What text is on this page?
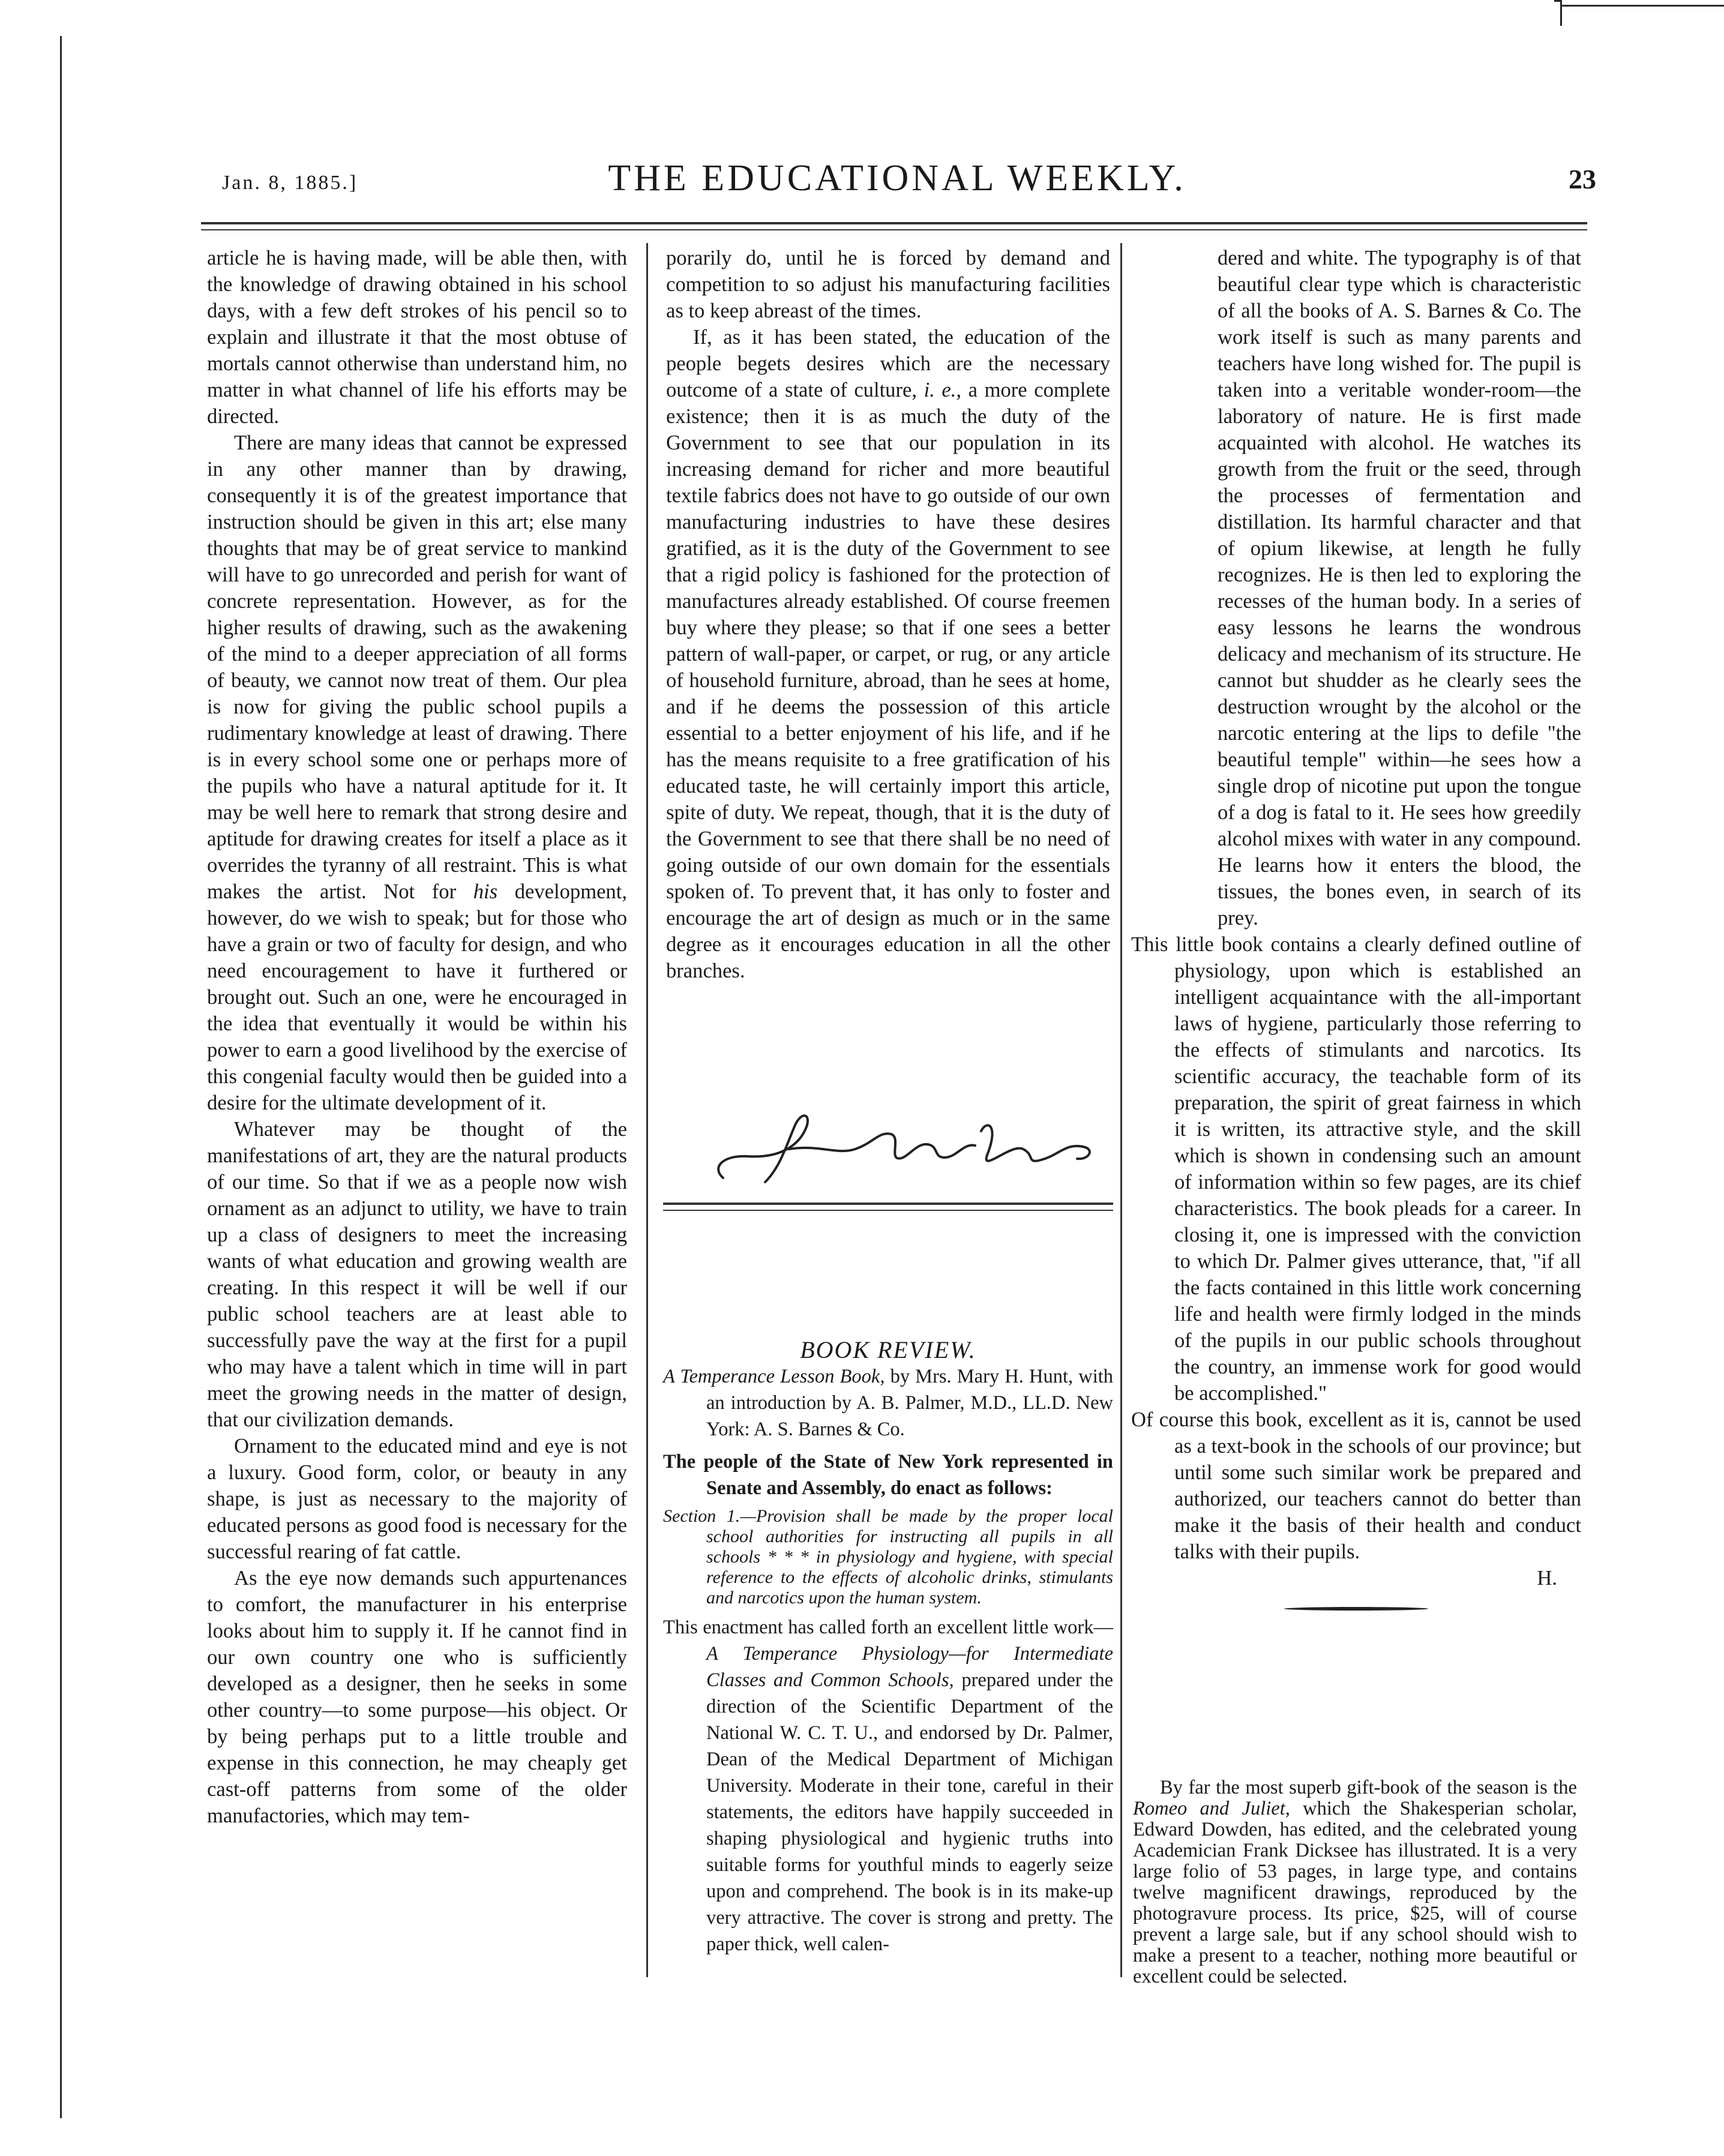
Jan. 8, 1885.]	THE EDUCATIONAL WEEKLY.	23

article he is having made, will be able then, with the knowledge of drawing obtained in his school days, with a few deft strokes of his pencil so to explain and illustrate it that the most obtuse of mortals cannot otherwise than understand him, no matter in what channel of life his efforts may be directed.

There are many ideas that cannot be expressed in any other manner than by drawing, consequently it is of the greatest importance that instruction should be given in this art; else many thoughts that may be of great service to mankind will have to go unrecorded and perish for want of concrete representation. However, as for the higher results of drawing, such as the awakening of the mind to a deeper appreciation of all forms of beauty, we cannot now treat of them. Our plea is now for giving the public school pupils a rudimentary knowledge at least of drawing. There is in every school some one or perhaps more of the pupils who have a natural aptitude for it. It may be well here to remark that strong desire and aptitude for drawing creates for itself a place as it overrides the tyranny of all restraint. This is what makes the artist. Not for his development, however, do we wish to speak; but for those who have a grain or two of faculty for design, and who need encouragement to have it furthered or brought out. Such an one, were he encouraged in the idea that eventually it would be within his power to earn a good livelihood by the exercise of this congenial faculty would then be guided into a desire for the ultimate development of it.

Whatever may be thought of the manifestations of art, they are the natural products of our time. So that if we as a people now wish ornament as an adjunct to utility, we have to train up a class of designers to meet the increasing wants of what education and growing wealth are creating. In this respect it will be well if our public school teachers are at least able to successfully pave the way at the first for a pupil who may have a talent which in time will in part meet the growing needs in the matter of design, that our civilization demands.

Ornament to the educated mind and eye is not a luxury. Good form, color, or beauty in any shape, is just as necessary to the majority of educated persons as good food is necessary for the successful rearing of fat cattle.

As the eye now demands such appurtenances to comfort, the manufacturer in his enterprise looks about him to supply it. If he cannot find in our own country one who is sufficiently developed as a designer, then he seeks in some other country—to some purpose—his object. Or by being perhaps put to a little trouble and expense in this connection, he may cheaply get cast-off patterns from some of the older manufactories, which may tem-

porarily do, until he is forced by demand and competition to so adjust his manufacturing facilities as to keep abreast of the times.

If, as it has been stated, the education of the people begets desires which are the necessary outcome of a state of culture, i. e., a more complete existence; then it is as much the duty of the Government to see that our population in its increasing demand for richer and more beautiful textile fabrics does not have to go outside of our own manufacturing industries to have these desires gratified, as it is the duty of the Government to see that a rigid policy is fashioned for the protection of manufactures already established. Of course freemen buy where they please; so that if one sees a better pattern of wall-paper, or carpet, or rug, or any article of household furniture, abroad, than he sees at home, and if he deems the possession of this article essential to a better enjoyment of his life, and if he has the means requisite to a free gratification of his educated taste, he will certainly import this article, spite of duty. We repeat, though, that it is the duty of the Government to see that there shall be no need of going outside of our own domain for the essentials spoken of. To prevent that, it has only to foster and encourage the art of design as much or in the same degree as it encourages education in all the other branches.

BOOK REVIEW.

A Temperance Lesson Book, by Mrs. Mary H. Hunt, with an introduction by A. B. Palmer, M.D., LL.D. New York: A. S. Barnes & Co.

The people of the State of New York represented in Senate and Assembly, do enact as follows:

Section 1.—Provision shall be made by the proper local school authorities for instructing all pupils in all schools * * * in physiology and hygiene, with special reference to the effects of alcoholic drinks, stimulants and narcotics upon the human system.

This enactment has called forth an excellent little work—A Temperance Physiology—for Intermediate Classes and Common Schools, prepared under the direction of the Scientific Department of the National W. C. T. U., and endorsed by Dr. Palmer, Dean of the Medical Department of Michigan University. Moderate in their tone, careful in their statements, the editors have happily succeeded in shaping physiological and hygienic truths into suitable forms for youthful minds to eagerly seize upon and comprehend. The book is in its make-up very attractive. The cover is strong and pretty. The paper thick, well calen-

dered and white. The typography is of that beautiful clear type which is characteristic of all the books of A. S. Barnes & Co. The work itself is such as many parents and teachers have long wished for. The pupil is taken into a veritable wonder-room—the laboratory of nature. He is first made acquainted with alcohol. He watches its growth from the fruit or the seed, through the processes of fermentation and distillation. Its harmful character and that of opium likewise, at length he fully recognizes. He is then led to exploring the recesses of the human body. In a series of easy lessons he learns the wondrous delicacy and mechanism of its structure. He cannot but shudder as he clearly sees the destruction wrought by the alcohol or the narcotic entering at the lips to defile "the beautiful temple" within—he sees how a single drop of nicotine put upon the tongue of a dog is fatal to it. He sees how greedily alcohol mixes with water in any compound. He learns how it enters the blood, the tissues, the bones even, in search of its prey.

This little book contains a clearly defined outline of physiology, upon which is established an intelligent acquaintance with the all-important laws of hygiene, particularly those referring to the effects of stimulants and narcotics. Its scientific accuracy, the teachable form of its preparation, the spirit of great fairness in which it is written, its attractive style, and the skill which is shown in condensing such an amount of information within so few pages, are its chief characteristics. The book pleads for a career. In closing it, one is impressed with the conviction to which Dr. Palmer gives utterance, that, "if all the facts contained in this little work concerning life and health were firmly lodged in the minds of the pupils in our public schools throughout the country, an immense work for good would be accomplished."

Of course this book, excellent as it is, cannot be used as a text-book in the schools of our province; but until some such similar work be prepared and authorized, our teachers cannot do better than make it the basis of their health and conduct talks with their pupils.

H.

By far the most superb gift-book of the season is the Romeo and Juliet, which the Shakesperian scholar, Edward Dowden, has edited, and the celebrated young Academician Frank Dicksee has illustrated. It is a very large folio of 53 pages, in large type, and contains twelve magnificent drawings, reproduced by the photogravure process. Its price, $25, will of course prevent a large sale, but if any school should wish to make a present to a teacher, nothing more beautiful or excellent could be selected.
